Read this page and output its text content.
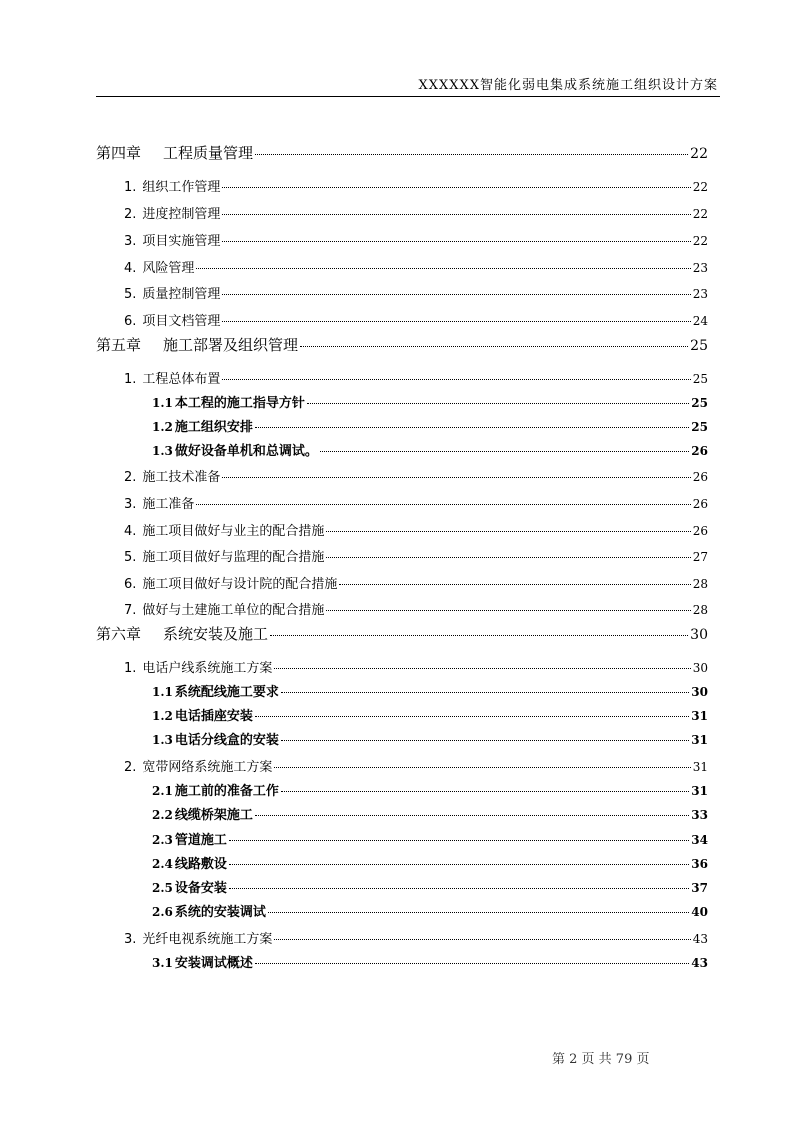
XXXXXX智能化弱电集成系统施工组织设计方案
第四章 工程质量管理	22
1. 组织工作管理	22
2. 进度控制管理	22
3. 项目实施管理	22
4. 风险管理	23
5. 质量控制管理	23
6. 项目文档管理	24
第五章 施工部署及组织管理	25
1. 工程总体布置	25
1.1 本工程的施工指导方针	25
1.2 施工组织安排	25
1.3 做好设备单机和总调试。	26
2. 施工技术准备	26
3. 施工准备	26
4. 施工项目做好与业主的配合措施	26
5. 施工项目做好与监理的配合措施	27
6. 施工项目做好与设计院的配合措施	28
7. 做好与土建施工单位的配合措施	28
第六章 系统安装及施工	30
1. 电话户线系统施工方案	30
1.1 系统配线施工要求	30
1.2 电话插座安装	31
1.3 电话分线盒的安装	31
2. 宽带网络系统施工方案	31
2.1 施工前的准备工作	31
2.2 线缆桥架施工	33
2.3 管道施工	34
2.4 线路敷设	36
2.5 设备安装	37
2.6 系统的安装调试	40
3. 光纤电视系统施工方案	43
3.1 安装调试概述	43
第 2 页 共 79 页
